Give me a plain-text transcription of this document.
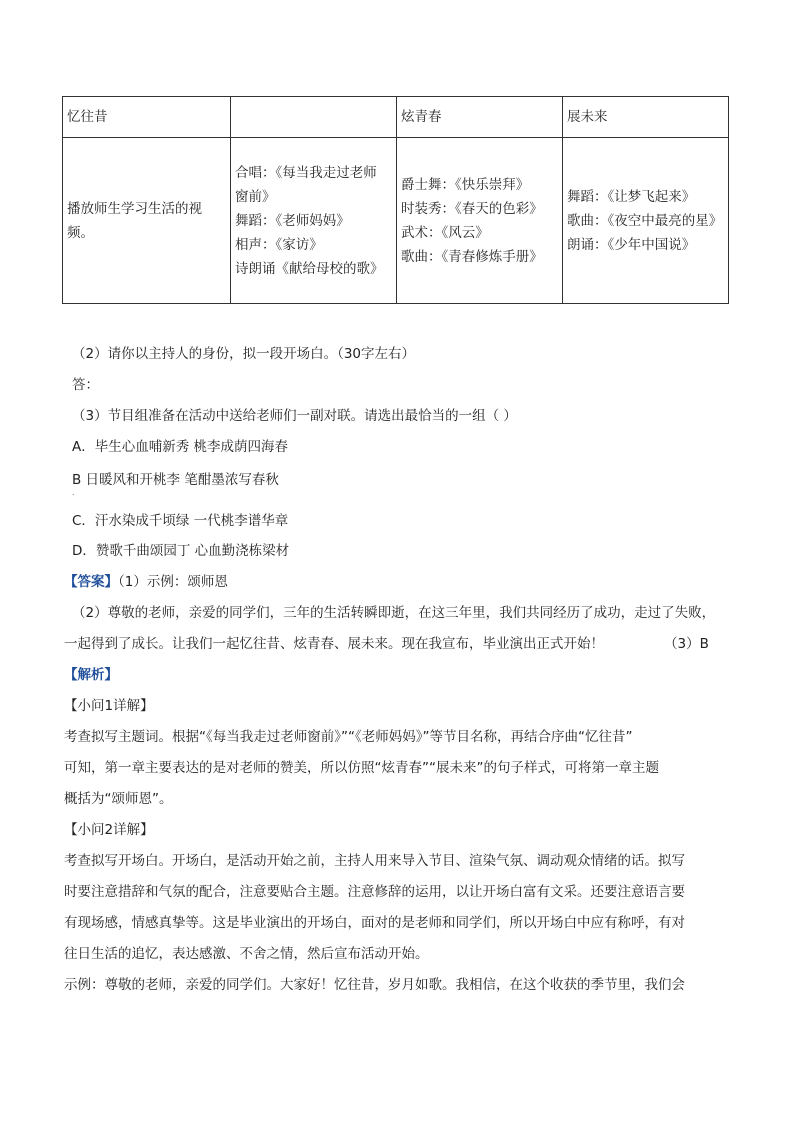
忆往昔		炫青春	展未来

播放师生学习生活的视
频。	合唱：《每当我走过老师
窗前》
舞蹈：《老师妈妈》
相声：《家访》
诗朗诵《献给母校的歌》	爵士舞：《快乐崇拜》
时装秀：《春天的色彩》
武术：《风云》
歌曲：《青春修炼手册》	舞蹈：《让梦飞起来》
歌曲：《夜空中最亮的星》
朗诵：《少年中国说》
（2）请你以主持人的身份，拟一段开场白。（30字左右）
答：
（3）节目组准备在活动中送给老师们一副对联。请选出最恰当的一组（ ）
A．毕生心血哺新秀 桃李成荫四海春
B 日暖风和开桃李 笔酣墨浓写春秋
．
C．汗水染成千顷绿 一代桃李谱华章
D．赞歌千曲颂园丁 心血勤浇栋梁材
【答案】（1）示例：颂师恩
（2）尊敬的老师，亲爱的同学们，三年的生活转瞬即逝，在这三年里，我们共同经历了成功，走过了失败，
一起得到了成长。让我们一起忆往昔、炫青春、展未来。现在我宣布，毕业演出正式开始！	（3）B
【解析】
【小问1详解】
考查拟写主题词。根据“《每当我走过老师窗前》”“《老师妈妈》”等节目名称，再结合序曲“忆往昔”
可知，第一章主要表达的是对老师的赞美，所以仿照“炫青春”“展未来”的句子样式，可将第一章主题
概括为“颂师恩”。
【小问2详解】
考查拟写开场白。开场白，是活动开始之前，主持人用来导入节目、渲染气氛、调动观众情绪的话。拟写
时要注意措辞和气氛的配合，注意要贴合主题。注意修辞的运用，以让开场白富有文采。还要注意语言要
有现场感，情感真挚等。这是毕业演出的开场白，面对的是老师和同学们，所以开场白中应有称呼，有对
往日生活的追忆，表达感激、不舍之情，然后宣布活动开始。
示例：尊敬的老师，亲爱的同学们。大家好！忆往昔，岁月如歌。我相信，在这个收获的季节里，我们会
